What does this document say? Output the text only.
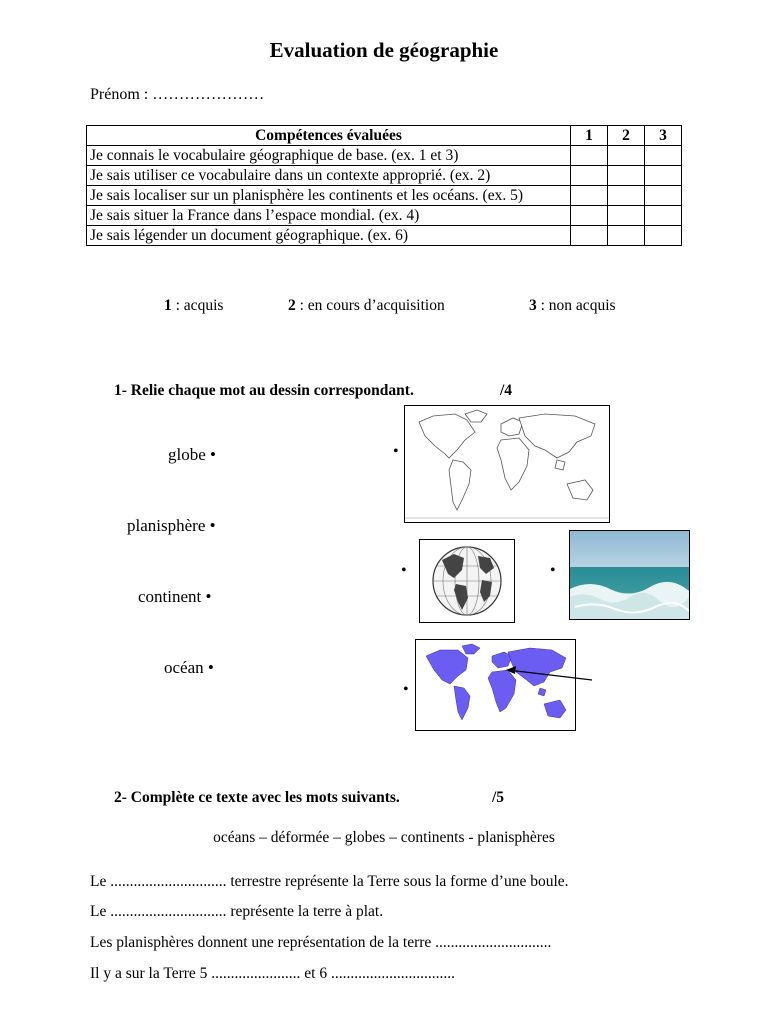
Evaluation de géographie
Prénom : …………………
Compétences évaluées	1	2	3
Je connais le vocabulaire géographique de base. (ex. 1 et 3)			
Je sais utiliser ce vocabulaire dans un contexte approprié. (ex. 2)			
Je sais localiser sur un planisphère les continents et les océans. (ex. 5)			
Je sais situer la France dans l’espace mondial. (ex. 4)			
Je sais légender un document géographique. (ex. 6)			
1 : acquis	2 : en cours d’acquisition	3 : non acquis
1- Relie chaque mot au dessin correspondant.	/4
globe •
planisphère •
continent •
océan •
•
•	•
•
2- Complète ce texte avec les mots suivants.	/5
océans – déformée – globes – continents - planisphères
Le .............................. terrestre représente la Terre sous la forme d’une boule.
Le .............................. représente la terre à plat.
Les planisphères donnent une représentation de la terre ..............................
Il y a sur la Terre 5 ....................... et 6 ................................
